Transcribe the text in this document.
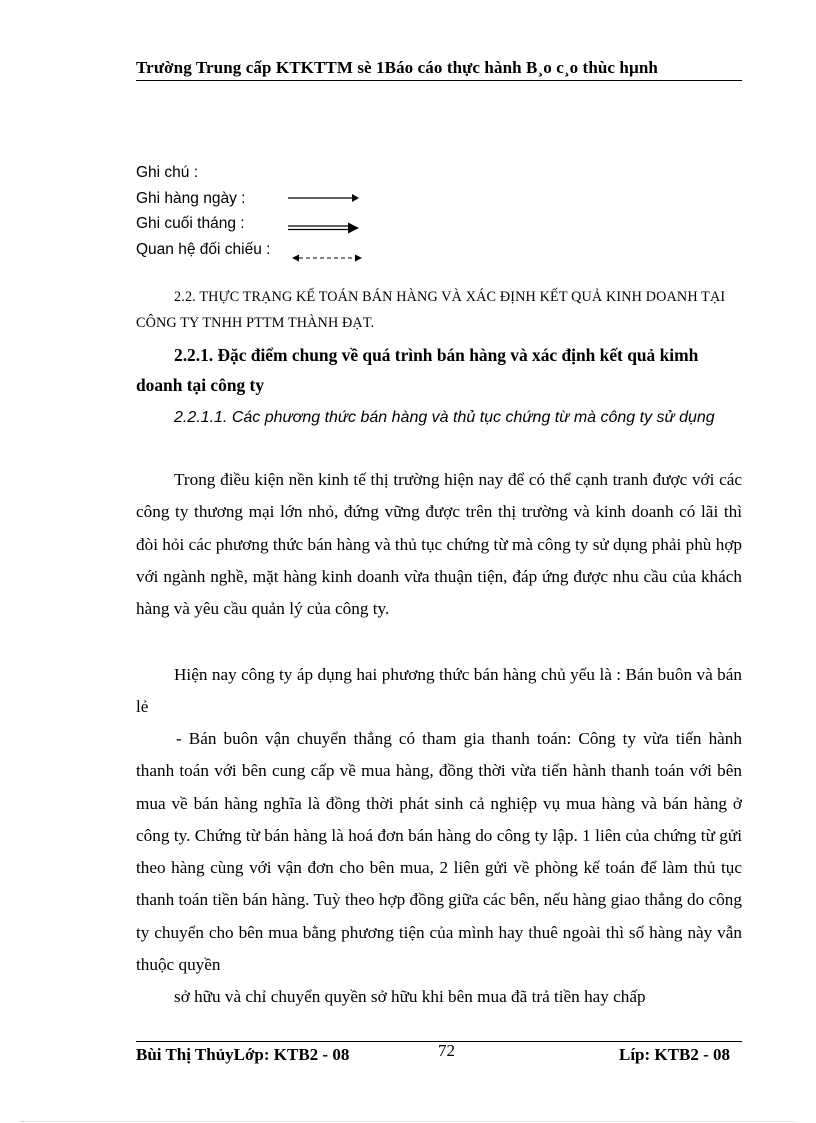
Trường Trung cấp KTKTTM sè 1Báo cáo thực hành B¸o c¸o thùc hµnh
Ghi chú :
Ghi hàng ngày :
Ghi cuối tháng :
Quan hệ đối chiếu :
2.2. THỰC TRẠNG KẾ TOÁN BÁN HÀNG VÀ XÁC ĐỊNH KẾT QUẢ KINH DOANH TẠI CÔNG TY TNHH PTTM THÀNH ĐẠT.
2.2.1. Đặc điểm chung về quá trình bán hàng và xác định kết quả kimh doanh tại công ty
2.2.1.1. Các phương thức bán hàng và thủ tục chứng từ mà công ty sử dụng
Trong điều kiện nền kinh tế thị trường hiện nay để có thể cạnh tranh được với các công ty thương mại lớn nhỏ, đứng vững được trên thị trường và kinh doanh có lãi thì đòi hỏi các phương thức bán hàng và thủ tục chứng từ mà công ty sử dụng phải phù hợp với ngành nghề, mặt hàng kinh doanh vừa thuận tiện, đáp ứng được nhu cầu của khách hàng và yêu cầu quản lý của công ty.
Hiện nay công ty áp dụng hai phương thức bán hàng chủ yếu là : Bán buôn và bán lẻ
- Bán buôn vận chuyển thẳng có tham gia thanh toán: Công ty vừa tiến hành thanh toán với bên cung cấp về mua hàng, đồng thời vừa tiến hành thanh toán với bên mua về bán hàng nghĩa là đồng thời phát sinh cả nghiệp vụ mua hàng và bán hàng ở công ty. Chứng từ bán hàng là hoá đơn bán hàng do công ty lập. 1 liên của chứng từ gửi theo hàng cùng với vận đơn cho bên mua, 2 liên gửi về phòng kế toán để làm thủ tục thanh toán tiền bán hàng. Tuỳ theo hợp đồng giữa các bên, nếu hàng giao thẳng do công ty chuyển cho bên mua bằng phương tiện của mình hay thuê ngoài thì số hàng này vẫn thuộc quyền
sở hữu và chỉ chuyển quyền sở hữu khi bên mua đã trả tiền hay chấp
Bùi Thị ThủyLớp: KTB2 - 08	72	Líp: KTB2 - 08
